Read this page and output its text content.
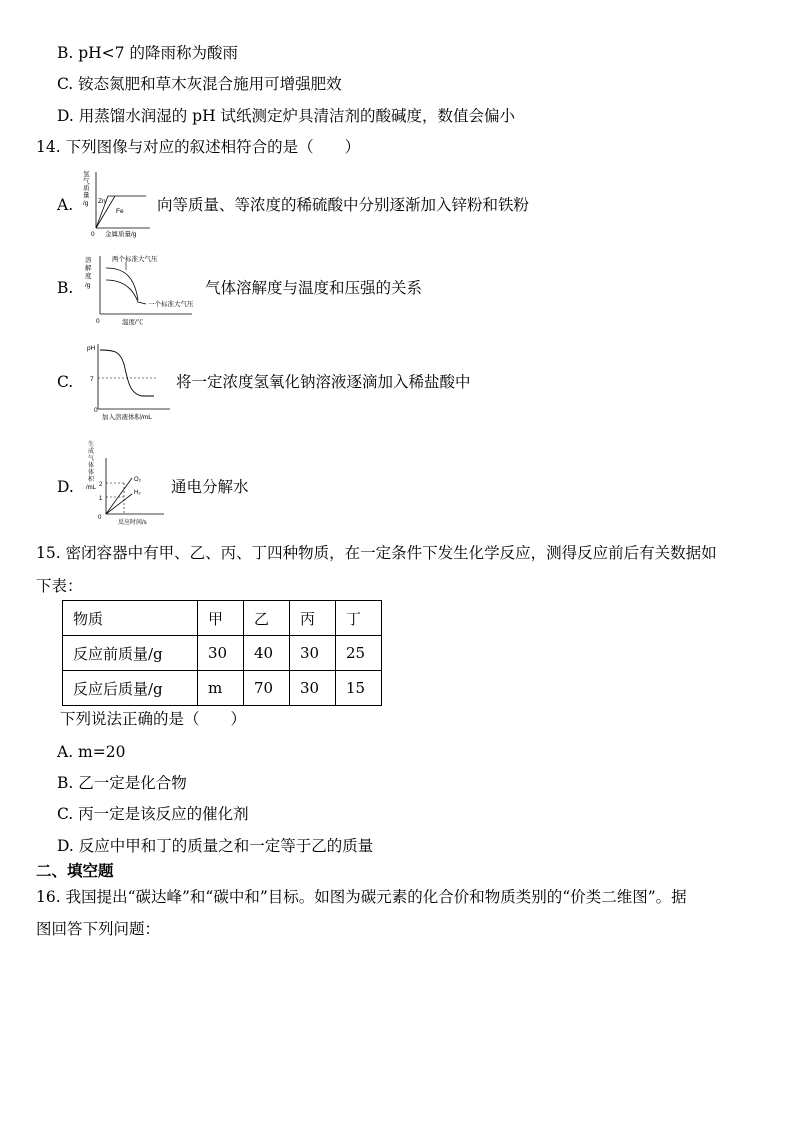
B. pH<7 的降雨称为酸雨
C. 铵态氮肥和草木灰混合施用可增强肥效
D. 用蒸馏水润湿的 pH 试纸测定炉具清洁剂的酸碱度，数值会偏小
14. 下列图像与对应的叙述相符合的是（　　）
A.
氢
气
质
量
/g
0 金属质量/g
Zn
Fe 向等质量、等浓度的稀硫酸中分别逐渐加入锌粉和铁粉
B.
溶
解
度
/g
0	温度/℃
两个标准大气压
一个标准大气压
气体溶解度与温度和压强的关系
C.
pH
7
0
加入溶液体积/mL
将一定浓度氢氧化钠溶液逐滴加入稀盐酸中
D.
生
成
气
体
体
积
/mL 2
1
0
反应时间/s
O₂
H₂ 通电分解水
15. 密闭容器中有甲、乙、丙、丁四种物质，在一定条件下发生化学反应，测得反应前后有关数据如
下表：
物质	甲	乙	丙	丁
反应前质量/g	30	40	30	25
反应后质量/g	m	70	30	15
下列说法正确的是（　　）
A. m=20
B. 乙一定是化合物
C. 丙一定是该反应的催化剂
D. 反应中甲和丁的质量之和一定等于乙的质量
二、填空题
16. 我国提出“碳达峰”和“碳中和”目标。如图为碳元素的化合价和物质类别的“价类二维图”。据
图回答下列问题：
